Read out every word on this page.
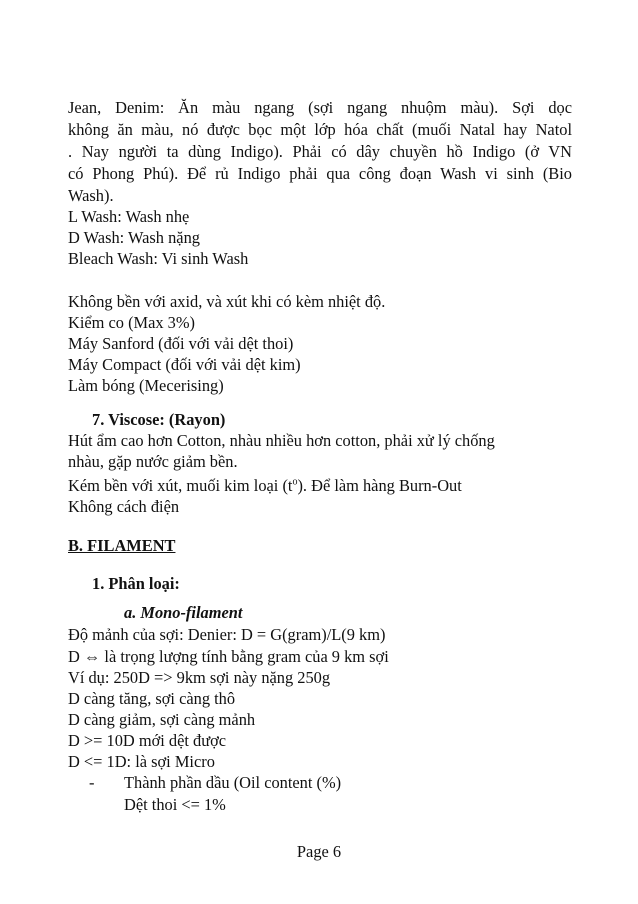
Jean, Denim: Ăn màu ngang (sợi ngang nhuộm màu). Sợi dọc
không ăn màu, nó được bọc một lớp hóa chất (muối Natal hay Natol
. Nay người ta dùng Indigo). Phải có dây chuyền hồ Indigo (ở VN
có Phong Phú). Để rủ Indigo phải qua công đoạn Wash vi sinh (Bio
Wash).
L Wash: Wash nhẹ
D Wash: Wash nặng
Bleach Wash: Vi sinh Wash
Không bền với axid, và xút khi có kèm nhiệt độ.
Kiểm co (Max 3%)
Máy Sanford (đối với vải dệt thoi)
Máy Compact (đối với vải dệt kim)
Làm bóng (Mecerising)
7. Viscose: (Rayon)
Hút ẩm cao hơn Cotton, nhàu nhiều hơn cotton, phải xử lý chống
nhàu, gặp nước giảm bền.
Kém bền với xút, muối kim loại $(t^o)$. Để làm hàng Burn-Out
Không cách điện
B. FILAMENT
1. Phân loại:
a. Mono-filament
Độ mảnh của sợi: Denier: D = G(gram)/L(9 km)
D ⇔ là trọng lượng tính bằng gram của 9 km sợi
Ví dụ: 250D => 9km sợi này nặng 250g
D càng tăng, sợi càng thô
D càng giảm, sợi càng mảnh
D >= 10D mới dệt được
D <= 1D: là sợi Micro
- Thành phần dầu (Oil content (%)
Dệt thoi <= 1%
Page 6
